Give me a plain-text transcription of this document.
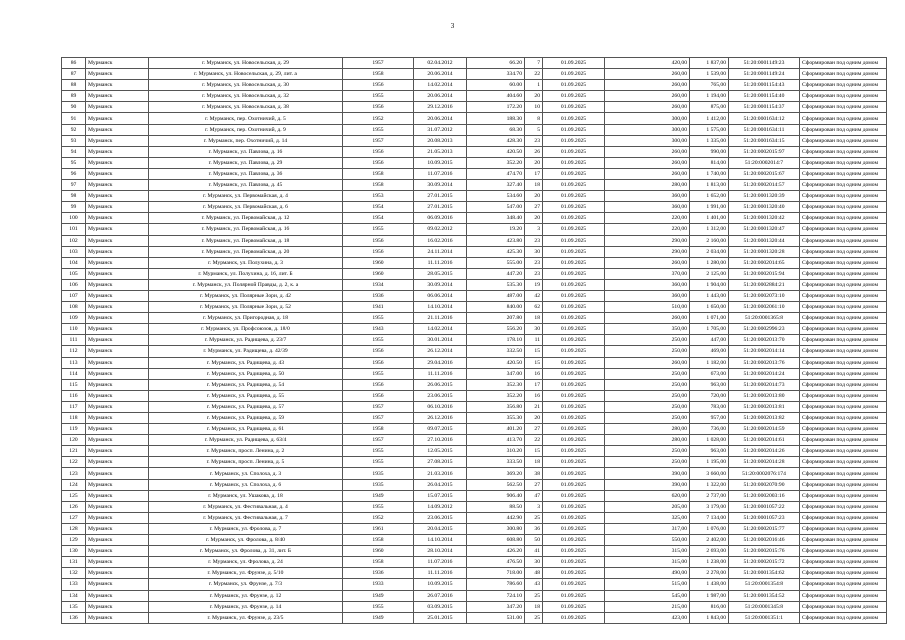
3
86	Мурманск	г. Мурманск, ул. Новосельская, д. 29	1957	02.04.2012	66.20	7	01.09.2025	420,00	1 837,00	51:20:0001149:23	Сформирован под одним домом
87	Мурманск	г. Мурманск, ул. Новосельская, д. 29, лит. а	1958	20.06.2014	334.70	22	01.09.2025	260,00	1 539,00	51:20:0001149:24	Сформирован под одним домом
88	Мурманск	г. Мурманск, ул. Новосельская, д. 30	1956	14.02.2014	60.00	1	01.09.2025	260,00	765,00	51:20:0001154:43	Сформирован под одним домом
89	Мурманск	г. Мурманск, ул. Новосельская, д. 32	1955	20.06.2014	404.60	20	01.09.2025	260,00	1 194,00	51:20:0001154:40	Сформирован под одним домом
90	Мурманск	г. Мурманск, ул. Новосельская, д. 38	1956	29.12.2016	172.20	10	01.09.2025	260,00	875,00	51:20:0001154:37	Сформирован под одним домом
91	Мурманск	г. Мурманск, пер. Охотничий, д. 5	1952	20.06.2014	188.30	8	01.09.2025	300,00	1 412,00	51:20:0001634:12	Сформирован под одним домом
92	Мурманск	г. Мурманск, пер. Охотничий, д. 9	1955	31.07.2012	68.30	5	01.09.2025	300,00	1 575,00	51:20:0001634:11	Сформирован под одним домом
93	Мурманск	г. Мурманск, пер. Охотничий, д. 14	1957	20.08.2013	428.30	23	01.09.2025	300,00	1 335,00	51:20:0001634:15	Сформирован под одним домом
94	Мурманск	г. Мурманск, ул. Павлова, д. 16	1956	21.05.2013	420.50	26	01.09.2025	260,00	990,00	51:20:0002015:97	Сформирован под одним домом
95	Мурманск	г. Мурманск, ул. Павлова, д. 29	1956	10.09.2015	352.20	20	01.09.2025	260,00	814,00	51:20:0002014:7	Сформирован под одним домом
96	Мурманск	г. Мурманск, ул. Павлова, д. 36	1958	11.07.2016	474.70	17	01.09.2025	260,00	1 740,00	51:20:0002015:67	Сформирован под одним домом
97	Мурманск	г. Мурманск, ул. Павлова, д. 45	1958	30.09.2014	327.40	18	01.09.2025	280,00	1 813,00	51:20:0002014:57	Сформирован под одним домом
98	Мурманск	г. Мурманск, ул. Первомайская, д. 4	1953	27.01.2015	534.60	20	01.09.2025	360,00	1 652,00	51:20:0001320:39	Сформирован под одним домом
99	Мурманск	г. Мурманск, ул. Первомайская, д. 6	1954	27.01.2015	547.00	27	01.09.2025	360,00	1 991,00	51:20:0001320:40	Сформирован под одним домом
100	Мурманск	г. Мурманск, ул. Первомайская, д. 12	1954	06.09.2016	348.40	20	01.09.2025	220,00	1 401,00	51:20:0001320:42	Сформирован под одним домом
101	Мурманск	г. Мурманск, ул. Первомайская, д. 16	1955	09.02.2012	19.20	3	01.09.2025	220,00	1 312,00	51:20:0001320:47	Сформирован под одним домом
102	Мурманск	г. Мурманск, ул. Первомайская, д. 18	1956	16.02.2016	423.80	23	01.09.2025	290,00	2 160,00	51:20:0001320:44	Сформирован под одним домом
103	Мурманск	г. Мурманск, ул. Первомайская, д. 20	1956	24.11.2014	425.30	30	01.09.2025	290,00	2 034,00	51:20:0001320:28	Сформирован под одним домом
104	Мурманск	г. Мурманск, ул. Полухина, д. 3	1960	11.11.2016	555.00	23	01.09.2025	260,00	1 280,00	51:20:0002014:65	Сформирован под одним домом
105	Мурманск	г. Мурманск, ул. Полухина, д. 16, лит. Б	1960	28.05.2015	447.20	23	01.09.2025	370,00	2 125,00	51:20:0002015:94	Сформирован под одним домом
106	Мурманск	г. Мурманск, ул. Полярной Правды, д. 2, к. а	1934	30.09.2014	535.30	19	01.09.2025	360,00	1 904,00	51:20:0002884:21	Сформирован под одним домом
107	Мурманск	г. Мурманск, ул. Полярные Зори, д. 42	1936	06.06.2014	487.00	42	01.09.2025	360,00	1 443,00	51:20:0002073:10	Сформирован под одним домом
108	Мурманск	г. Мурманск, ул. Полярные Зори, д. 52	1941	14.10.2014	840.00	62	01.09.2025	510,00	1 650,00	51:20:0002061:10	Сформирован под одним домом
109	Мурманск	г. Мурманск, ул. Пригородная, д. 18	1955	21.11.2016	207.80	18	01.09.2025	260,00	1 071,00	51:20:0001365:8	Сформирован под одним домом
110	Мурманск	г. Мурманск, ул. Профсоюзов, д. 18/0	1943	14.02.2014	556.20	30	01.09.2025	350,00	1 705,00	51:20:0002996:23	Сформирован под одним домом
111	Мурманск	г. Мурманск, ул. Радищева, д. 23/7	1955	30.01.2014	178.10	11	01.09.2025	250,00	447,00	51:20:0002013:70	Сформирован под одним домом
112	Мурманск	г. Мурманск, ул. Радищева, д. 42/39	1956	26.12.2014	332.50	15	01.09.2025	250,00	469,00	51:20:0002014:14	Сформирован под одним домом
113	Мурманск	г. Мурманск, ул. Радищева, д. 43	1956	29.04.2016	420.50	15	01.09.2025	260,00	1 182,00	51:20:0002013:76	Сформирован под одним домом
114	Мурманск	г. Мурманск, ул. Радищева, д. 50	1955	11.11.2016	347.00	16	01.09.2025	250,00	673,00	51:20:0002014:24	Сформирован под одним домом
115	Мурманск	г. Мурманск, ул. Радищева, д. 54	1956	26.06.2015	352.30	17	01.09.2025	250,00	963,00	51:20:0002014:73	Сформирован под одним домом
116	Мурманск	г. Мурманск, ул. Радищева, д. 55	1956	23.06.2015	352.20	16	01.09.2025	250,00	720,00	51:20:0002013:80	Сформирован под одним домом
117	Мурманск	г. Мурманск, ул. Радищева, д. 57	1957	06.10.2016	356.80	21	01.09.2025	250,00	783,00	51:20:0002013:81	Сформирован под одним домом
118	Мурманск	г. Мурманск, ул. Радищева, д. 59	1957	26.12.2016	355.30	20	01.09.2025	250,00	957,00	51:20:0002013:82	Сформирован под одним домом
119	Мурманск	г. Мурманск, ул. Радищева, д. 61	1958	09.07.2015	401.20	27	01.09.2025	280,00	736,00	51:20:0002014:59	Сформирован под одним домом
120	Мурманск	г. Мурманск, ул. Радищева, д. 63/4	1957	27.10.2016	413.70	22	01.09.2025	280,00	1 028,00	51:20:0002014:61	Сформирован под одним домом
121	Мурманск	г. Мурманск, просп. Ленина, д. 2	1955	12.05.2015	310.20	15	01.09.2025	250,00	963,00	51:20:0002014:26	Сформирован под одним домом
122	Мурманск	г. Мурманск, просп. Ленина, д. 5	1955	27.08.2015	333.50	18	01.09.2025	250,00	1 195,00	51:20:0002014:28	Сформирован под одним домом
123	Мурманск	г. Мурманск, ул. Сполоха, д. 3	1935	21.03.2016	369.20	38	01.09.2025	390,00	3 660,00	51:20:0002076:174	Сформирован под одним домом
124	Мурманск	г. Мурманск, ул. Сполоха, д. 6	1935	26.04.2015	562.50	27	01.09.2025	390,00	1 322,00	51:20:0002070:90	Сформирован под одним домом
125	Мурманск	г. Мурманск, ул. Ушакова, д. 18	1949	15.07.2015	906.40	47	01.09.2025	620,00	2 737,00	51:20:0002003:16	Сформирован под одним домом
126	Мурманск	г. Мурманск, ул. Фестивальная, д. 4	1955	14.09.2012	88.50	3	01.09.2025	205,00	3 179,00	51:20:0001057:22	Сформирован под одним домом
127	Мурманск	г. Мурманск, ул. Фестивальная, д. 7	1952	23.06.2015	442.90	25	01.09.2025	325,00	7 134,00	51:20:0001057:23	Сформирован под одним домом
128	Мурманск	г. Мурманск, ул. Фролова, д. 7	1961	20.04.2015	300.80	36	01.09.2025	317,00	1 076,00	51:20:0002015:77	Сформирован под одним домом
129	Мурманск	г. Мурманск, ул. Фролова, д. 8/40	1958	14.10.2014	608.80	50	01.09.2025	550,00	2 402,00	51:20:0002016:46	Сформирован под одним домом
130	Мурманск	г. Мурманск, ул. Фролова, д. 31, лит. Б	1960	28.10.2014	426.20	41	01.09.2025	315,00	2 693,00	51:20:0002015:76	Сформирован под одним домом
131	Мурманск	г. Мурманск, ул. Фролова, д. 24	1958	11.07.2016	476.50	30	01.09.2025	315,00	1 238,00	51:20:0002015:72	Сформирован под одним домом
132	Мурманск	г. Мурманск, ул. Фрунзе, д. 5/10	1936	11.11.2016	718.00	48	01.09.2025	490,00	2 278,00	51:20:0001354:62	Сформирован под одним домом
133	Мурманск	г. Мурманск, ул. Фрунзе, д. 7/3	1933	10.09.2015	786.60	43	01.09.2025	515,00	1 438,00	51:20:0001354:8	Сформирован под одним домом
134	Мурманск	г. Мурманск, ул. Фрунзе, д. 12	1949	26.07.2016	724.10	25	01.09.2025	545,00	1 987,00	51:20:0001354:52	Сформирован под одним домом
135	Мурманск	г. Мурманск, ул. Фрунзе, д. 14	1955	03.09.2015	347.20	18	01.09.2025	215,00	816,00	51:20:0001345:8	Сформирован под одним домом
136	Мурманск	г. Мурманск, ул. Фрунзе, д. 23/5	1949	25.01.2015	531.00	25	01.09.2025	423,00	1 843,00	51:20:0001351:1	Сформирован под одним домом
